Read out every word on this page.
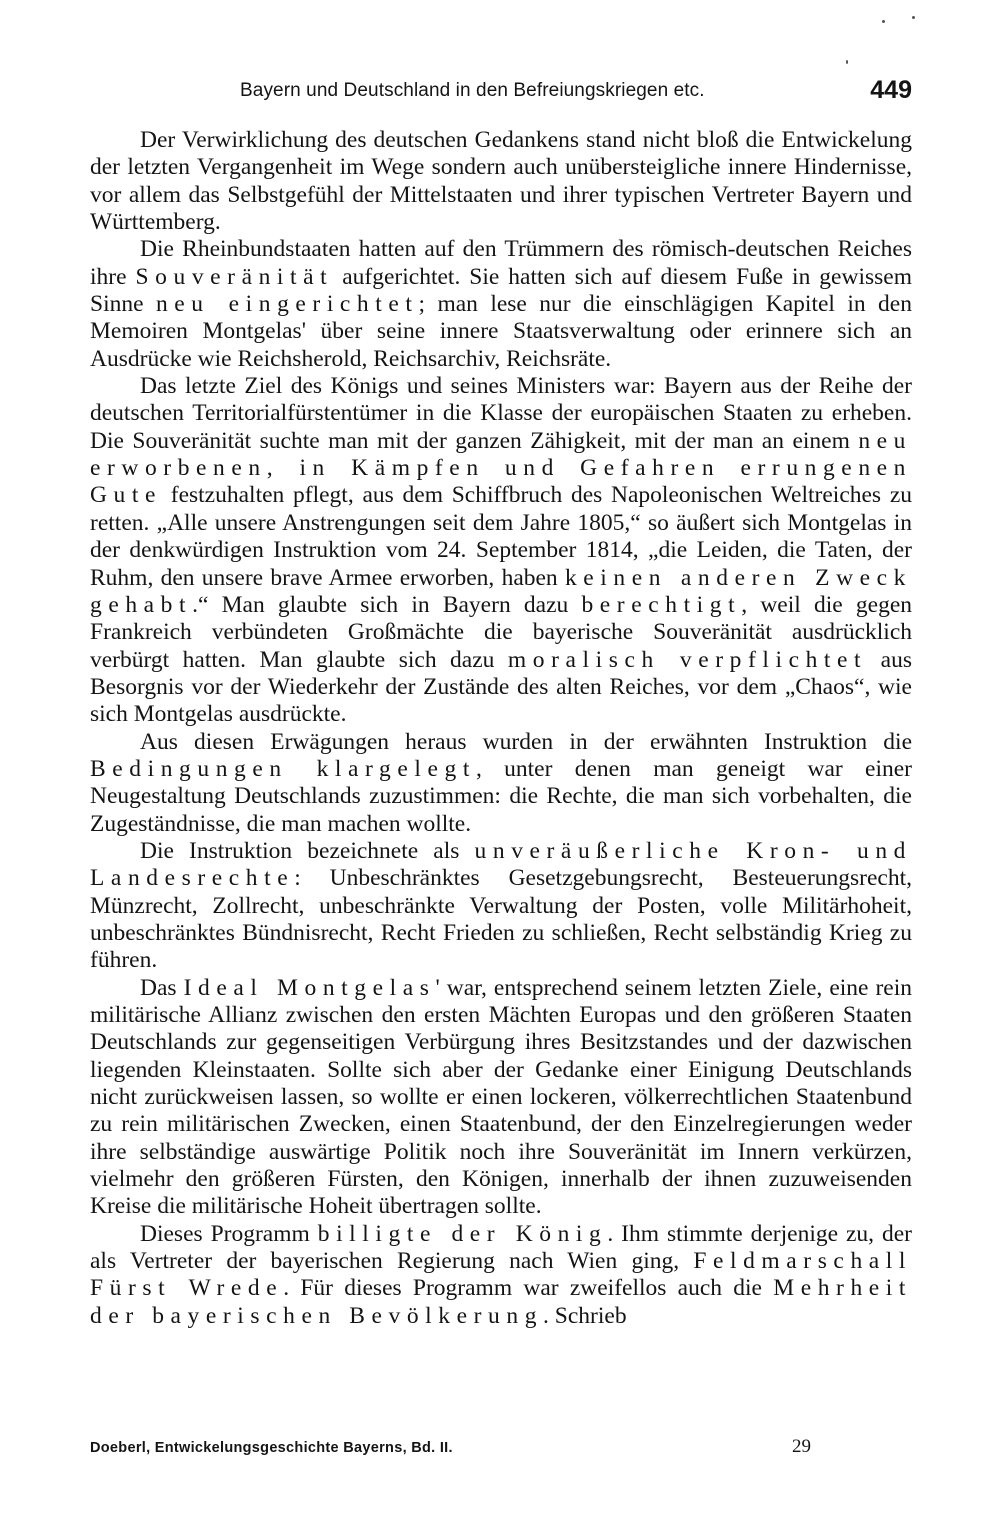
Bayern und Deutschland in den Befreiungskriegen etc.	449

Der Verwirklichung des deutschen Gedankens stand nicht bloß die Entwickelung der letzten Vergangenheit im Wege sondern auch unübersteigliche innere Hindernisse, vor allem das Selbstgefühl der Mittelstaaten und ihrer typischen Vertreter Bayern und Württemberg.

Die Rheinbundstaaten hatten auf den Trümmern des römisch-deutschen Reiches ihre Souveränität aufgerichtet. Sie hatten sich auf diesem Fuße in gewissem Sinne neu eingerichtet; man lese nur die einschlägigen Kapitel in den Memoiren Montgelas' über seine innere Staatsverwaltung oder erinnere sich an Ausdrücke wie Reichsherold, Reichsarchiv, Reichsräte.

Das letzte Ziel des Königs und seines Ministers war: Bayern aus der Reihe der deutschen Territorialfürstentümer in die Klasse der europäischen Staaten zu erheben. Die Souveränität suchte man mit der ganzen Zähigkeit, mit der man an einem neu erworbenen, in Kämpfen und Gefahren errungenen Gute festzuhalten pflegt, aus dem Schiffbruch des Napoleonischen Weltreiches zu retten. „Alle unsere Anstrengungen seit dem Jahre 1805,“ so äußert sich Montgelas in der denkwürdigen Instruktion vom 24. September 1814, „die Leiden, die Taten, der Ruhm, den unsere brave Armee erworben, haben keinen anderen Zweck gehabt.“ Man glaubte sich in Bayern dazu berechtigt, weil die gegen Frankreich verbündeten Großmächte die bayerische Souveränität ausdrücklich verbürgt hatten. Man glaubte sich dazu moralisch verpflichtet aus Besorgnis vor der Wiederkehr der Zustände des alten Reiches, vor dem „Chaos“, wie sich Montgelas ausdrückte.

Aus diesen Erwägungen heraus wurden in der erwähnten Instruktion die Bedingungen klargelegt, unter denen man geneigt war einer Neugestaltung Deutschlands zuzustimmen: die Rechte, die man sich vorbehalten, die Zugeständnisse, die man machen wollte.

Die Instruktion bezeichnete als unveräußerliche Kron- und Landesrechte: Unbeschränktes Gesetzgebungsrecht, Besteuerungsrecht, Münzrecht, Zollrecht, unbeschränkte Verwaltung der Posten, volle Militärhoheit, unbeschränktes Bündnisrecht, Recht Frieden zu schließen, Recht selbständig Krieg zu führen.

Das Ideal Montgelas' war, entsprechend seinem letzten Ziele, eine rein militärische Allianz zwischen den ersten Mächten Europas und den größeren Staaten Deutschlands zur gegenseitigen Verbürgung ihres Besitzstandes und der dazwischen liegenden Kleinstaaten. Sollte sich aber der Gedanke einer Einigung Deutschlands nicht zurückweisen lassen, so wollte er einen lockeren, völkerrechtlichen Staatenbund zu rein militärischen Zwecken, einen Staatenbund, der den Einzelregierungen weder ihre selbständige auswärtige Politik noch ihre Souveränität im Innern verkürzen, vielmehr den größeren Fürsten, den Königen, innerhalb der ihnen zuzuweisenden Kreise die militärische Hoheit übertragen sollte.

Dieses Programm billigte der König. Ihm stimmte derjenige zu, der als Vertreter der bayerischen Regierung nach Wien ging, Feldmarschall Fürst Wrede. Für dieses Programm war zweifellos auch die Mehrheit der bayerischen Bevölkerung. Schrieb

Doeberl, Entwickelungsgeschichte Bayerns, Bd. II.	29
